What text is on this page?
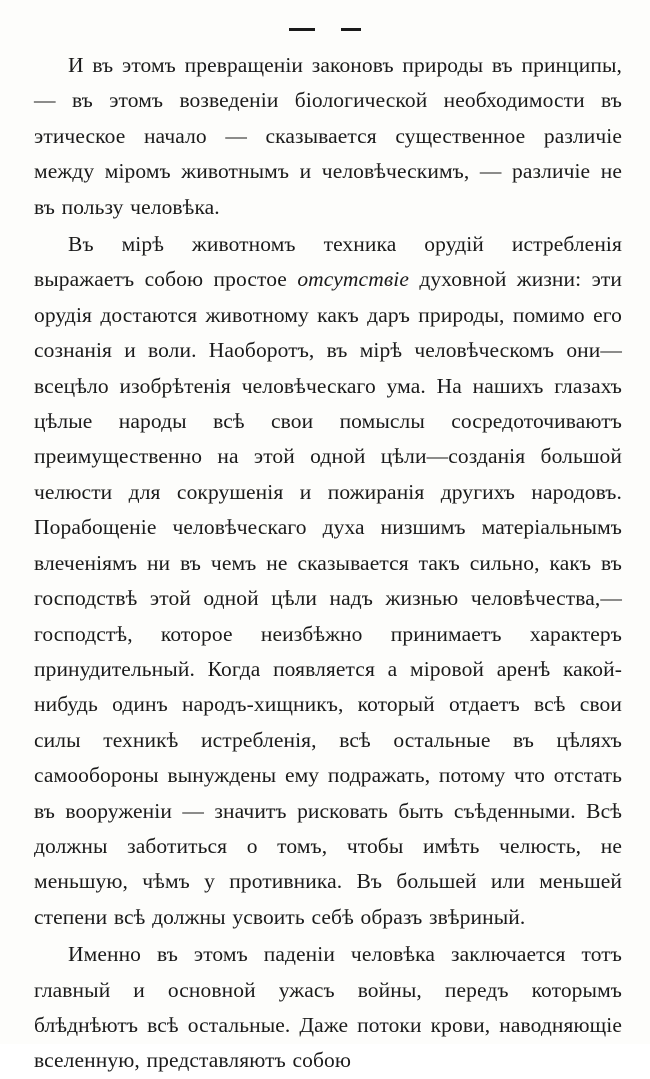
И въ этомъ превращенiи законовъ природы въ принципы, — въ этомъ возведенiи бiологической необходимости въ этическое начало — сказывается существенное различiе между мiромъ животнымъ и человѣческимъ, — различiе не въ пользу человѣка.

Въ мiрѣ животномъ техника орудiй истребленiя выражаетъ собою простое отсутствiе духовной жизни: эти орудiя достаются животному какъ даръ природы, помимо его сознанiя и воли. Наоборотъ, въ мiрѣ человѣческомъ они—всецѣло изобрѣтенiя человѣческаго ума. На нашихъ глазахъ цѣлые народы всѣ свои помыслы сосредоточиваютъ преимущественно на этой одной цѣли—созданiя большой челюсти для сокрушенiя и пожиранiя другихъ народовъ. Порабощенiе человѣческаго духа низшимъ матерiальнымъ влеченiямъ ни въ чемъ не сказывается такъ сильно, какъ въ господствѣ этой одной цѣли надъ жизнью человѣчества,—господстѣ, которое неизбѣжно принимаетъ характеръ принудительный. Когда появляется а мiровой аренѣ какой-нибудь одинъ народъ-хищникъ, который отдаетъ всѣ свои силы техникѣ истребленiя, всѣ остальные въ цѣляхъ самообороны вынуждены ему подражать, потому что отстать въ вооруженiи — значитъ рисковать быть съѣденными. Всѣ должны заботиться о томъ, чтобы имѣть челюсть, не меньшую, чѣмъ у противника. Въ большей или меньшей степени всѣ должны усвоить себѣ образъ звѣриный.

Именно въ этомъ паденiи человѣка заключается тотъ главный и основной ужасъ войны, передъ которымъ блѣднѣютъ всѣ остальные. Даже потоки крови, наводняющiе вселенную, представляютъ собою
